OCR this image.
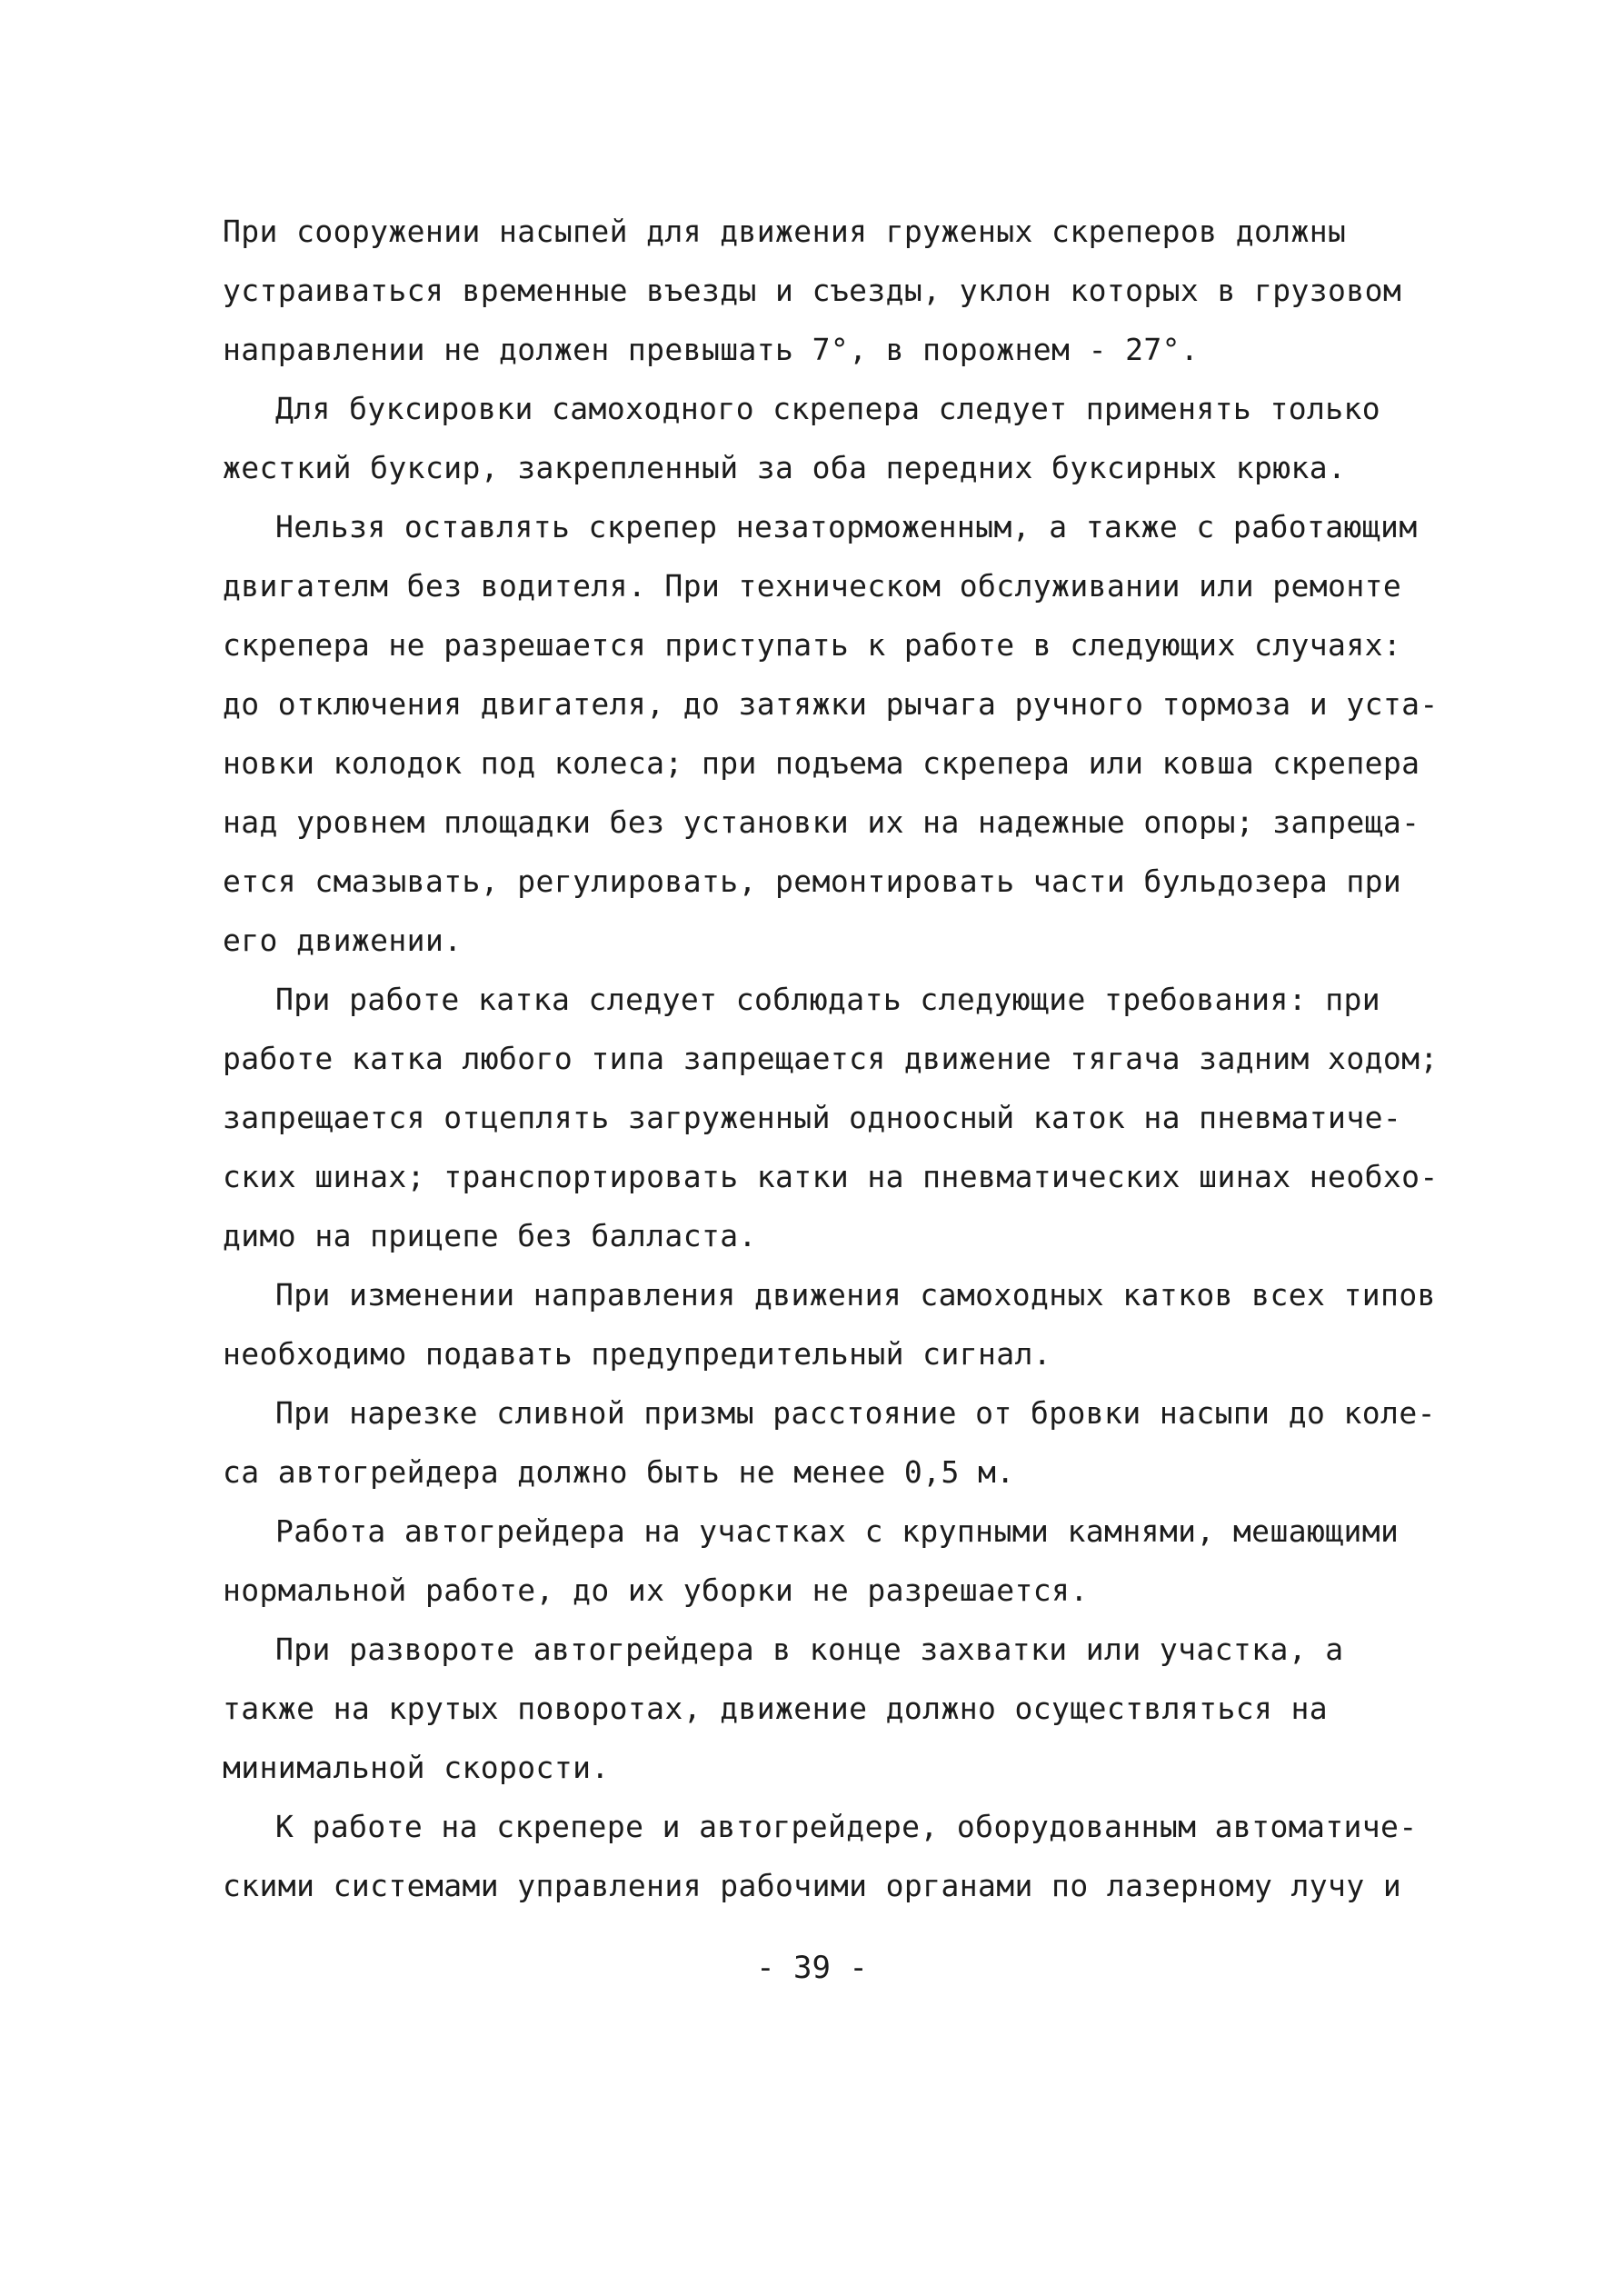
При сооружении насыпей для движения груженых скреперов должны
устраиваться временные въезды и съезды, уклон которых в грузовом
направлении не должен превышать 7°, в порожнем - 27°.
Для буксировки самоходного скрепера следует применять только
жесткий буксир, закрепленный за оба передних буксирных крюка.
Нельзя оставлять скрепер незаторможенным, а также с работающим
двигателм без водителя. При техническом обслуживании или ремонте
скрепера не разрешается приступать к работе в следующих случаях:
до отключения двигателя, до затяжки рычага ручного тормоза и уста-
новки колодок под колеса; при подъема скрепера или ковша скрепера
над уровнем площадки без установки их на надежные опоры; запреща-
ется смазывать, регулировать, ремонтировать части бульдозера при
его движении.
При работе катка следует соблюдать следующие требования: при
работе катка любого типа запрещается движение тягача задним ходом;
запрещается отцеплять загруженный одноосный каток на пневматиче-
ских шинах; транспортировать катки на пневматических шинах необхо-
димо на прицепе без балласта.
При изменении направления движения самоходных катков всех типов
необходимо подавать предупредительный сигнал.
При нарезке сливной призмы расстояние от бровки насыпи до коле-
са автогрейдера должно быть не менее 0,5 м.
Работа автогрейдера на участках с крупными камнями, мешающими
нормальной работе, до их уборки не разрешается.
При развороте автогрейдера в конце захватки или участка, а
также на крутых поворотах, движение должно осуществляться на
минимальной скорости.
К работе на скрепере и автогрейдере, оборудованным автоматиче-
скими системами управления рабочими органами по лазерному лучу и
- 39 -
